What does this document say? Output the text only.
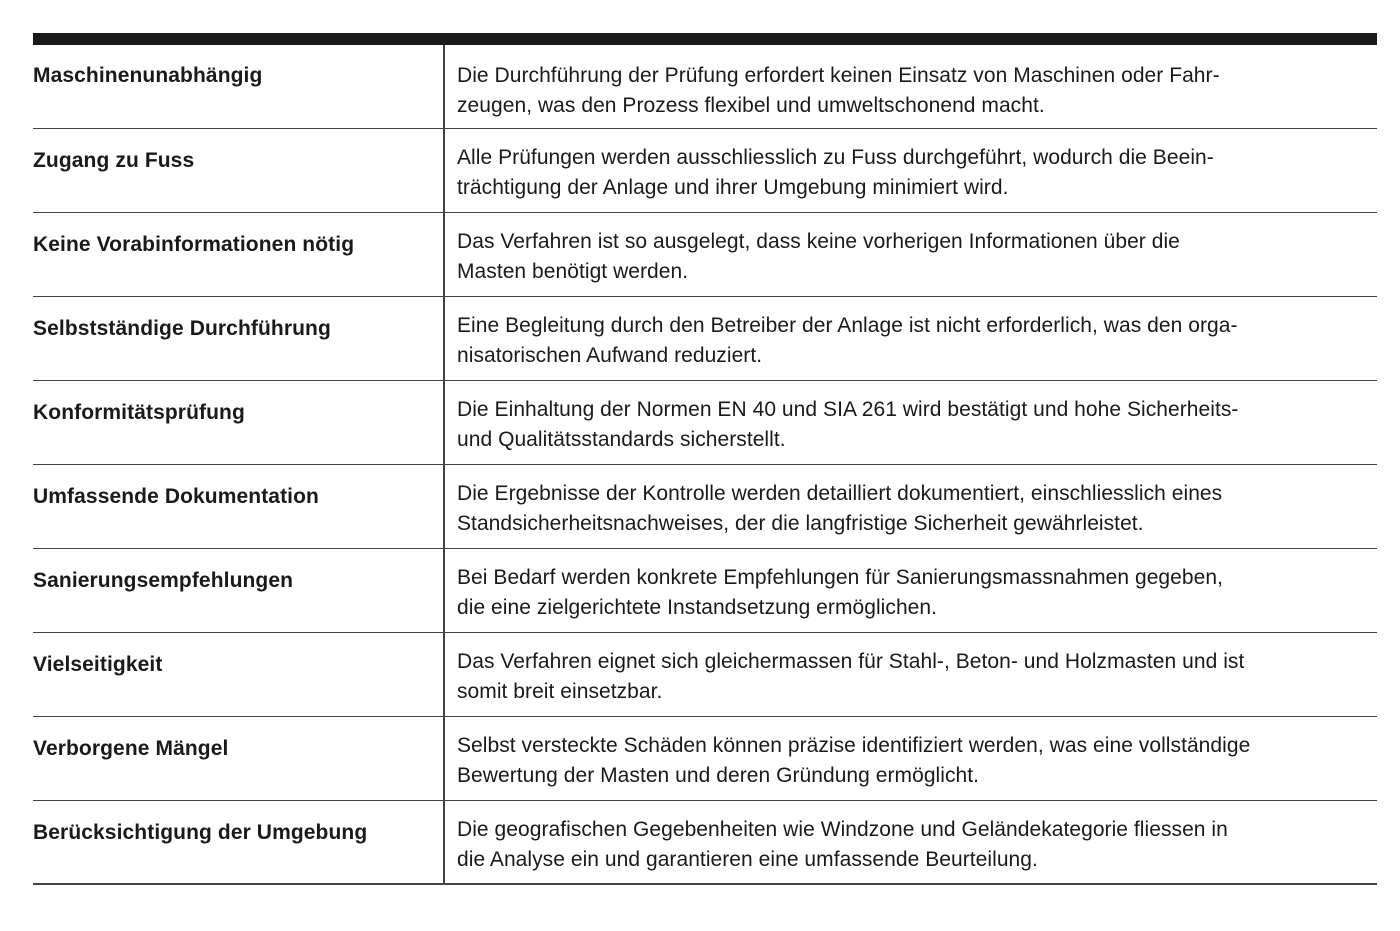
Maschinenunabhängig	Die Durchführung der Prüfung erfordert keinen Einsatz von Maschinen oder Fahr-
zeugen, was den Prozess flexibel und umweltschonend macht.
Zugang zu Fuss	Alle Prüfungen werden ausschliesslich zu Fuss durchgeführt, wodurch die Beein-
trächtigung der Anlage und ihrer Umgebung minimiert wird.
Keine Vorabinformationen nötig	Das Verfahren ist so ausgelegt, dass keine vorherigen Informationen über die
Masten benötigt werden.
Selbstständige Durchführung	Eine Begleitung durch den Betreiber der Anlage ist nicht erforderlich, was den orga-
nisatorischen Aufwand reduziert.
Konformitätsprüfung	Die Einhaltung der Normen EN 40 und SIA 261 wird bestätigt und hohe Sicherheits-
und Qualitätsstandards sicherstellt.
Umfassende Dokumentation	Die Ergebnisse der Kontrolle werden detailliert dokumentiert, einschliesslich eines
Standsicherheitsnachweises, der die langfristige Sicherheit gewährleistet.
Sanierungsempfehlungen	Bei Bedarf werden konkrete Empfehlungen für Sanierungsmassnahmen gegeben,
die eine zielgerichtete Instandsetzung ermöglichen.
Vielseitigkeit	Das Verfahren eignet sich gleichermassen für Stahl-, Beton- und Holzmasten und ist
somit breit einsetzbar.
Verborgene Mängel	Selbst versteckte Schäden können präzise identifiziert werden, was eine vollständige
Bewertung der Masten und deren Gründung ermöglicht.
Berücksichtigung der Umgebung	Die geografischen Gegebenheiten wie Windzone und Geländekategorie fliessen in
die Analyse ein und garantieren eine umfassende Beurteilung.
